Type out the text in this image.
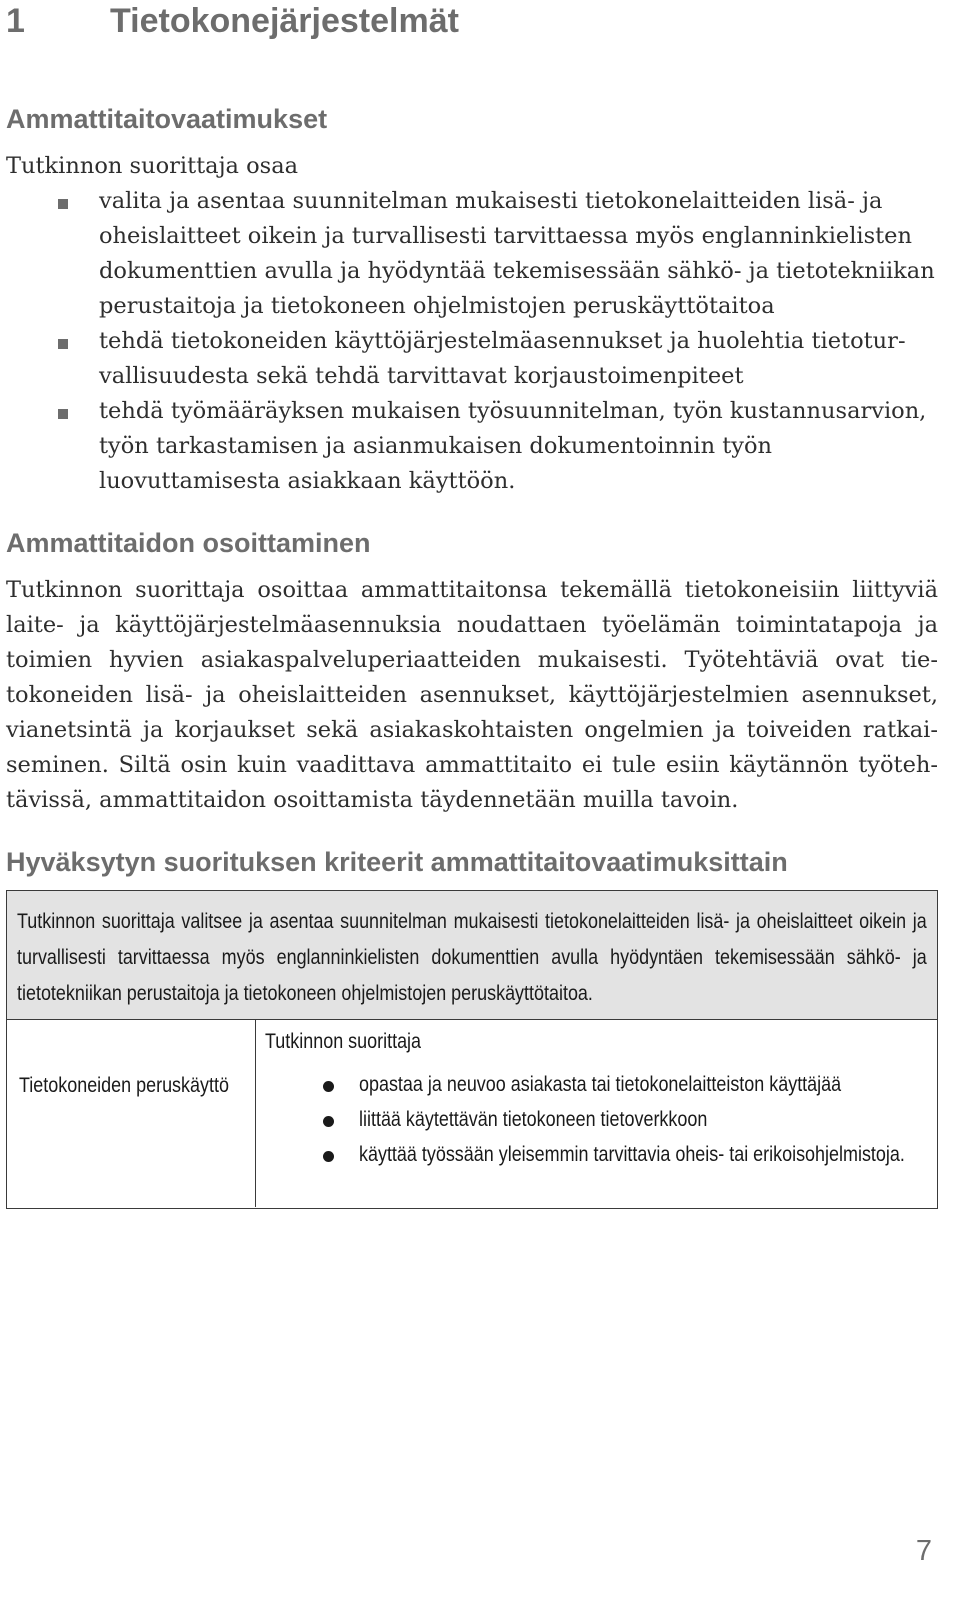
1	Tietokonejärjestelmät
Ammattitaitovaatimukset
Tutkinnon suorittaja osaa
valita ja asentaa suunnitelman mukaisesti tietokonelaitteiden lisä- ja oheislaitteet oikein ja turvallisesti tarvittaessa myös englanninkielisten dokumenttien avulla ja hyödyntää tekemisessään sähkö- ja tietotekniikan perustaitoja ja tietokoneen ohjelmistojen peruskäyttötaitoa
tehdä tietokoneiden käyttöjärjestelmäasennukset ja huolehtia tietoturvallisuudesta sekä tehdä tarvittavat korjaustoimenpiteet
tehdä työmääräyksen mukaisen työsuunnitelman, työn kustannusarvion, työn tarkastamisen ja asianmukaisen dokumentoinnin työn luovuttamisesta asiakkaan käyttöön.
Ammattitaidon osoittaminen

Tutkinnon suorittaja osoittaa ammattitaitonsa tekemällä tietokoneisiin liittyviä laite- ja käyttöjärjestelmäasennuksia noudattaen työelämän toimintatapoja ja toimien hyvien asiakaspalveluperiaatteiden mukaisesti. Työtehtäviä ovat tietokoneiden lisä- ja oheislaitteiden asennukset, käyttöjärjestelmien asennukset, vianetsintä ja korjaukset sekä asiakaskohtaisten ongelmien ja toiveiden ratkaiseminen. Siltä osin kuin vaadittava ammattitaito ei tule esiin käytännön työtehtävissä, ammattitaidon osoittamista täydennetään muilla tavoin.

Hyväksytyn suorituksen kriteerit ammattitaitovaatimuksittain

Tutkinnon suorittaja valitsee ja asentaa suunnitelman mukaisesti tietokonelaitteiden lisä- ja oheislaitteet oikein ja turvallisesti tarvittaessa myös englanninkielisten dokumenttien avulla hyödyntäen tekemisessään sähkö- ja tietotekniikan perustaitoja ja tietokoneen ohjelmistojen peruskäyttötaitoa.

Tietokoneiden peruskäyttö

Tutkinnon suorittaja
opastaa ja neuvoo asiakasta tai tietokonelaitteiston käyttäjää
liittää käytettävän tietokoneen tietoverkkoon
käyttää työssään yleisemmin tarvittavia oheis- tai erikoisohjelmistoja.
7
